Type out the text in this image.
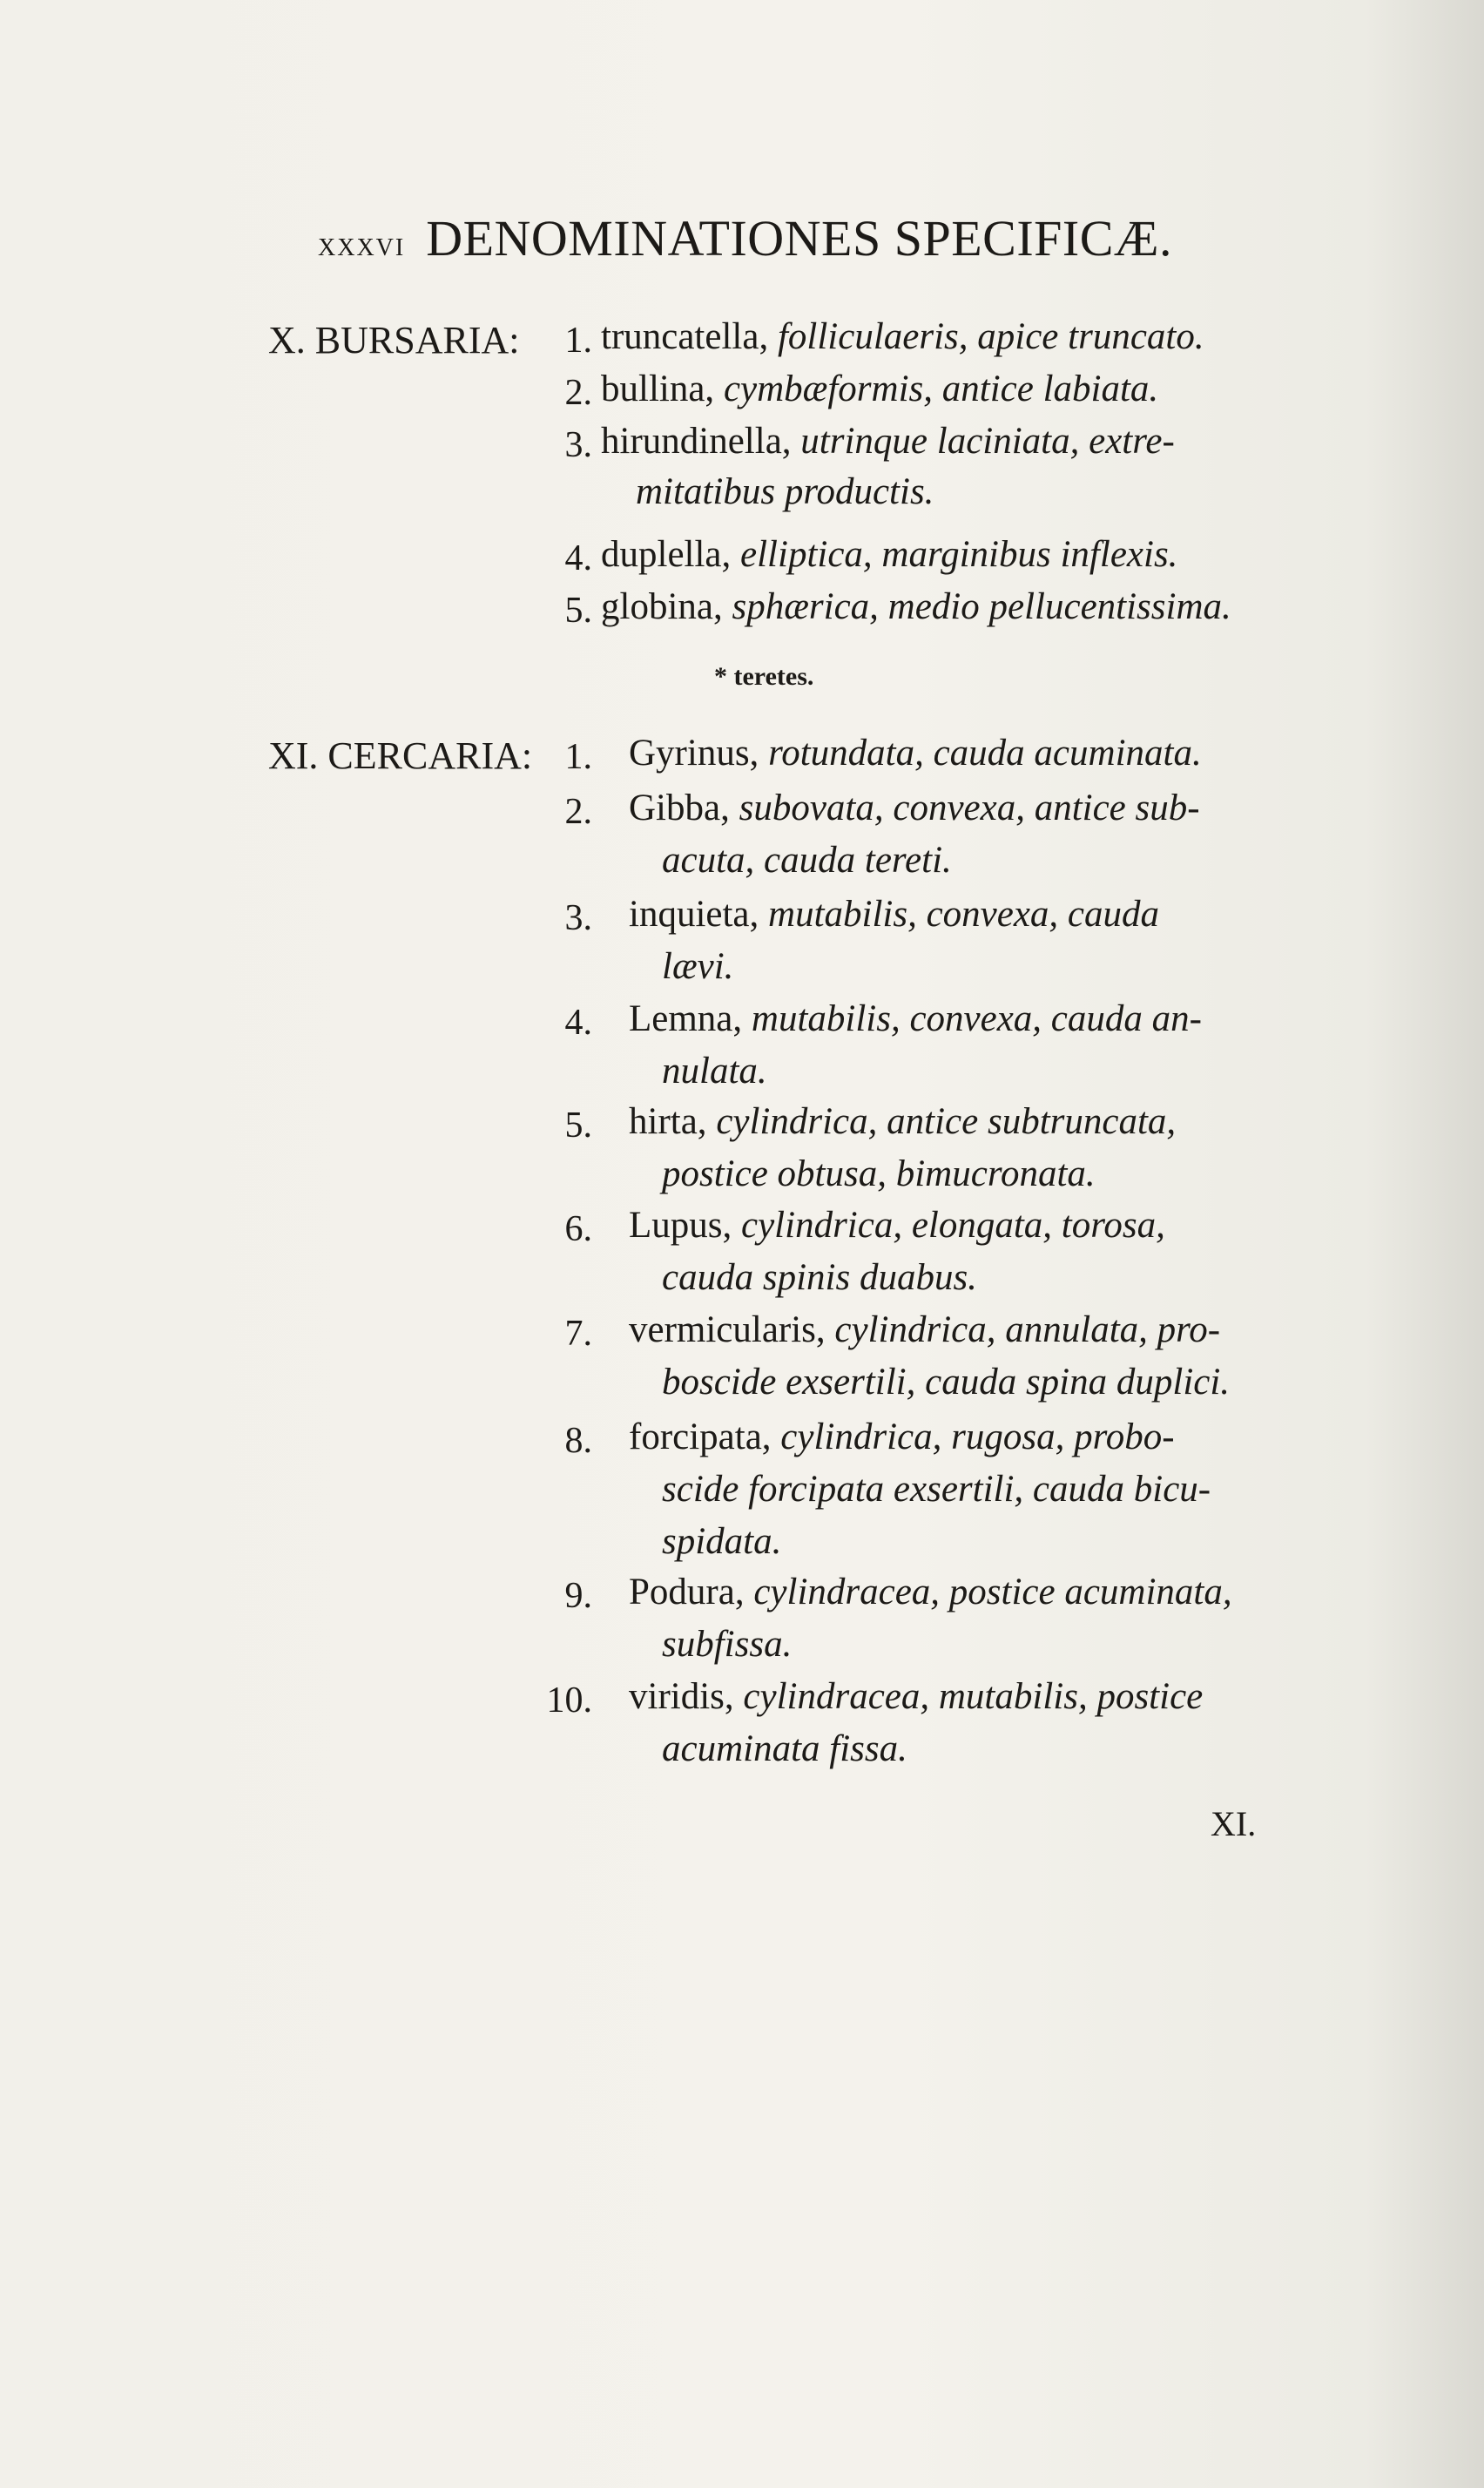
xxxvi DENOMINATIONES SPECIFICÆ.
X. BURSARIA:	1. truncatella, folliculaeris, apice truncato.
2. bullina, cymbæformis, antice labiata.
3. hirundinella, utrinque laciniata, extre-
mitatibus productis.
4. duplella, elliptica, marginibus inflexis.
5. globina, sphærica, medio pellucentissima.
* teretes.
XI. CERCARIA: 1. Gyrinus, rotundata, cauda acuminata.
2. Gibba, subovata, convexa, antice sub-
acuta, cauda tereti.
3. inquieta, mutabilis, convexa, cauda
lævi.
4. Lemna, mutabilis, convexa, cauda an-
nulata.
5. hirta, cylindrica, antice subtruncata,
postice obtusa, bimucronata.
6. Lupus, cylindrica, elongata, torosa,
cauda spinis duabus.
7. vermicularis, cylindrica, annulata, pro-
boscide exsertili, cauda spina duplici.
8. forcipata, cylindrica, rugosa, probo-
scide forcipata exsertili, cauda bicu-
spidata.
9. Podura, cylindracea, postice acuminata,
subfissa.
10. viridis, cylindracea, mutabilis, postice
acuminata fissa.
XI.
